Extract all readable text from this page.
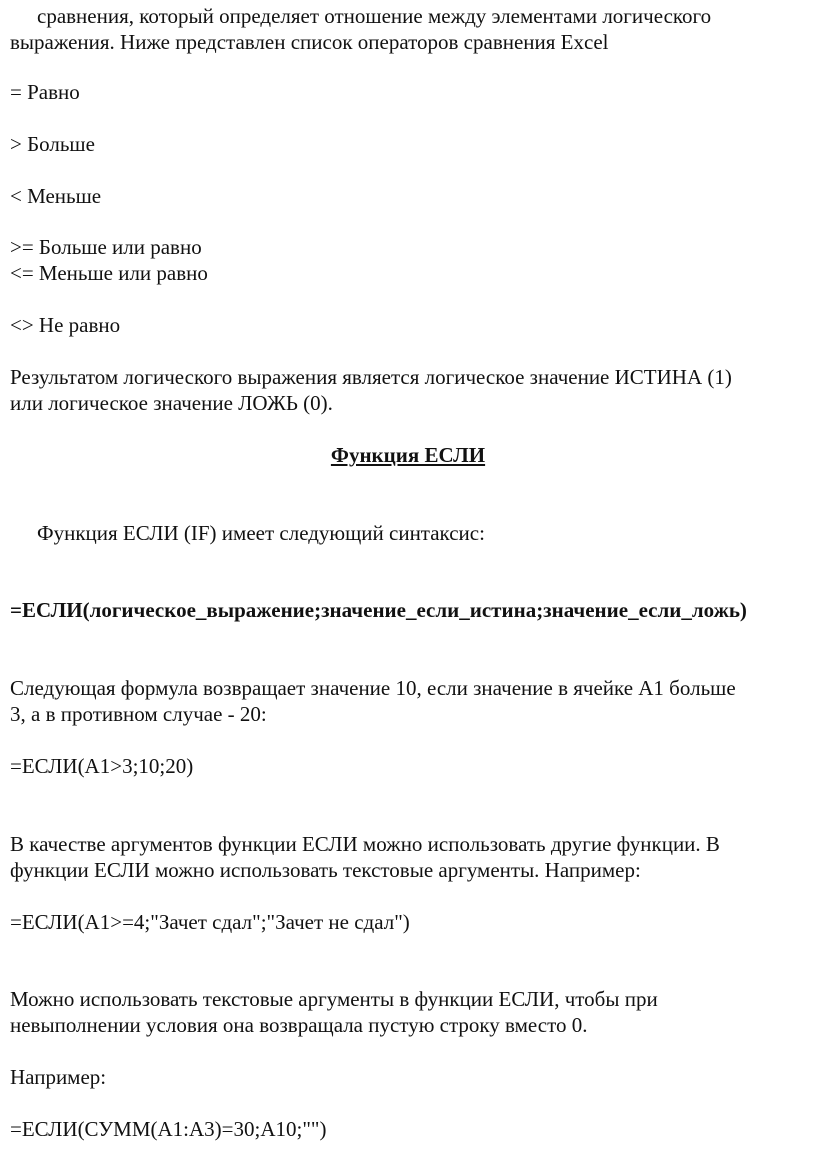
сравнения, который определяет отношение между элементами логического
выражения. Ниже представлен список операторов сравнения Excel
= Равно
> Больше
< Меньше
>= Больше или равно
<= Меньше или равно
<> Не равно
Результатом логического выражения является логическое значение ИСТИНА (1)
или логическое значение ЛОЖЬ (0).
Функция ЕСЛИ
Функция ЕСЛИ (IF) имеет следующий синтаксис:
=ЕСЛИ(логическое_выражение;значение_если_истина;значение_если_ложь)
Следующая формула возвращает значение 10, если значение в ячейке А1 больше
3, а в противном случае - 20:
=ЕСЛИ(А1>3;10;20)
В качестве аргументов функции ЕСЛИ можно использовать другие функции. В
функции ЕСЛИ можно использовать текстовые аргументы. Например:
=ЕСЛИ(А1>=4;"Зачет сдал";"Зачет не сдал")
Можно использовать текстовые аргументы в функции ЕСЛИ, чтобы при
невыполнении условия она возвращала пустую строку вместо 0.
Например:
=ЕСЛИ(СУММ(А1:А3)=30;А10;"")
